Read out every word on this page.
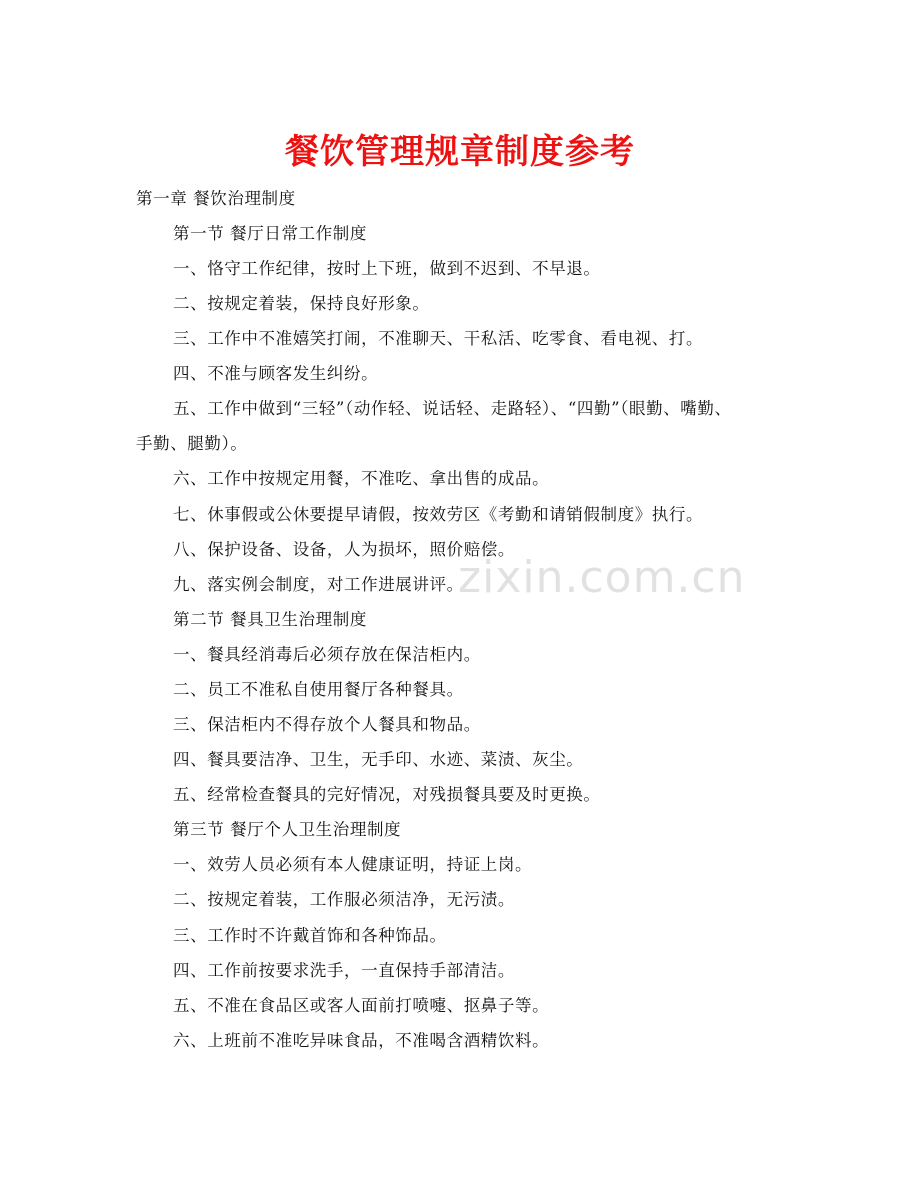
餐饮管理规章制度参考
zixin.com.cn

第一章 餐饮治理制度

第一节 餐厅日常工作制度

一、恪守工作纪律，按时上下班，做到不迟到、不早退。

二、按规定着装，保持良好形象。

三、工作中不准嬉笑打闹，不准聊天、干私活、吃零食、看电视、打。

四、不准与顾客发生纠纷。

五、工作中做到“三轻”（动作轻、说话轻、走路轻）、“四勤”（眼勤、嘴勤、

手勤、腿勤）。

六、工作中按规定用餐，不准吃、拿出售的成品。

七、休事假或公休要提早请假，按效劳区《考勤和请销假制度》执行。

八、保护设备、设备，人为损坏，照价赔偿。

九、落实例会制度，对工作进展讲评。

第二节 餐具卫生治理制度

一、餐具经消毒后必须存放在保洁柜内。

二、员工不准私自使用餐厅各种餐具。

三、保洁柜内不得存放个人餐具和物品。

四、餐具要洁净、卫生，无手印、水迹、菜渍、灰尘。

五、经常检查餐具的完好情况，对残损餐具要及时更换。

第三节 餐厅个人卫生治理制度

一、效劳人员必须有本人健康证明，持证上岗。

二、按规定着装，工作服必须洁净，无污渍。

三、工作时不许戴首饰和各种饰品。

四、工作前按要求洗手，一直保持手部清洁。

五、不准在食品区或客人面前打喷嚏、抠鼻子等。

六、上班前不准吃异味食品，不准喝含酒精饮料。
